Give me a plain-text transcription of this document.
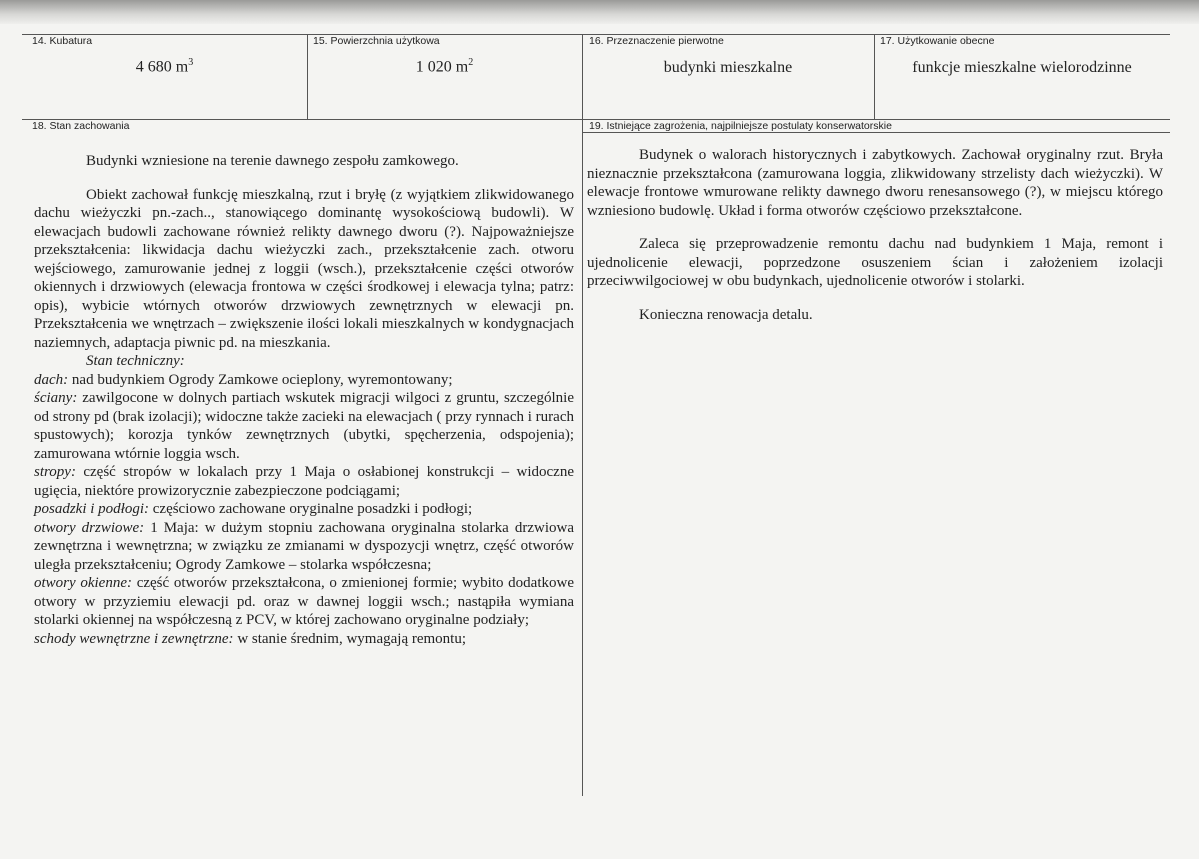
14. Kubatura
4 680 $m^3$
15. Powierzchnia użytkowa
1 020 $m^2$
16. Przeznaczenie pierwotne
budynki mieszkalne
17. Użytkowanie obecne
funkcje mieszkalne wielorodzinne
18. Stan zachowania

Budynki wzniesione na terenie dawnego zespołu zamkowego.

Obiekt zachował funkcję mieszkalną, rzut i bryłę (z wyjątkiem zlikwidowanego dachu wieżyczki pn.-zach.., stanowiącego dominantę wysokościową budowli). W elewacjach budowli zachowane również relikty dawnego dworu (?). Najpoważniejsze przekształcenia: likwidacja dachu wieżyczki zach., przekształcenie zach. otworu wejściowego, zamurowanie jednej z loggii (wsch.), przekształcenie części otworów okiennych i drzwiowych (elewacja frontowa w części środkowej i elewacja tylna; patrz: opis), wybicie wtórnych otworów drzwiowych zewnętrznych w elewacji pn. Przekształcenia we wnętrzach – zwiększenie ilości lokali mieszkalnych w kondygnacjach naziemnych, adaptacja piwnic pd. na mieszkania.

Stan techniczny:

dach: nad budynkiem Ogrody Zamkowe ocieplony, wyremontowany;

ściany: zawilgocone w dolnych partiach wskutek migracji wilgoci z gruntu, szczególnie od strony pd (brak izolacji); widoczne także zacieki na elewacjach ( przy rynnach i rurach spustowych); korozja tynków zewnętrznych (ubytki, spęcherzenia, odspojenia); zamurowana wtórnie loggia wsch.

stropy: część stropów w lokalach przy 1 Maja o osłabionej konstrukcji – widoczne ugięcia, niektóre prowizorycznie zabezpieczone podciągami;

posadzki i podłogi: częściowo zachowane oryginalne posadzki i podłogi;

otwory drzwiowe: 1 Maja: w dużym stopniu zachowana oryginalna stolarka drzwiowa zewnętrzna i wewnętrzna; w związku ze zmianami w dyspozycji wnętrz, część otworów uległa przekształceniu; Ogrody Zamkowe – stolarka współczesna;

otwory okienne: część otworów przekształcona, o zmienionej formie; wybito dodatkowe otwory w przyziemiu elewacji pd. oraz w dawnej loggii wsch.; nastąpiła wymiana stolarki okiennej na współczesną z PCV, w której zachowano oryginalne podziały;

schody wewnętrzne i zewnętrzne: w stanie średnim, wymagają remontu;

19. Istniejące zagrożenia, najpilniejsze postulaty konserwatorskie

Budynek o walorach historycznych i zabytkowych. Zachował oryginalny rzut. Bryła nieznacznie przekształcona (zamurowana loggia, zlikwidowany strzelisty dach wieżyczki). W elewacje frontowe wmurowane relikty dawnego dworu renesansowego (?), w miejscu którego wzniesiono budowlę. Układ i forma otworów częściowo przekształcone.

Zaleca się przeprowadzenie remontu dachu nad budynkiem 1 Maja, remont i ujednolicenie elewacji, poprzedzone osuszeniem ścian i założeniem izolacji przeciwwilgociowej w obu budynkach, ujednolicenie otworów i stolarki.

Konieczna renowacja detalu.
